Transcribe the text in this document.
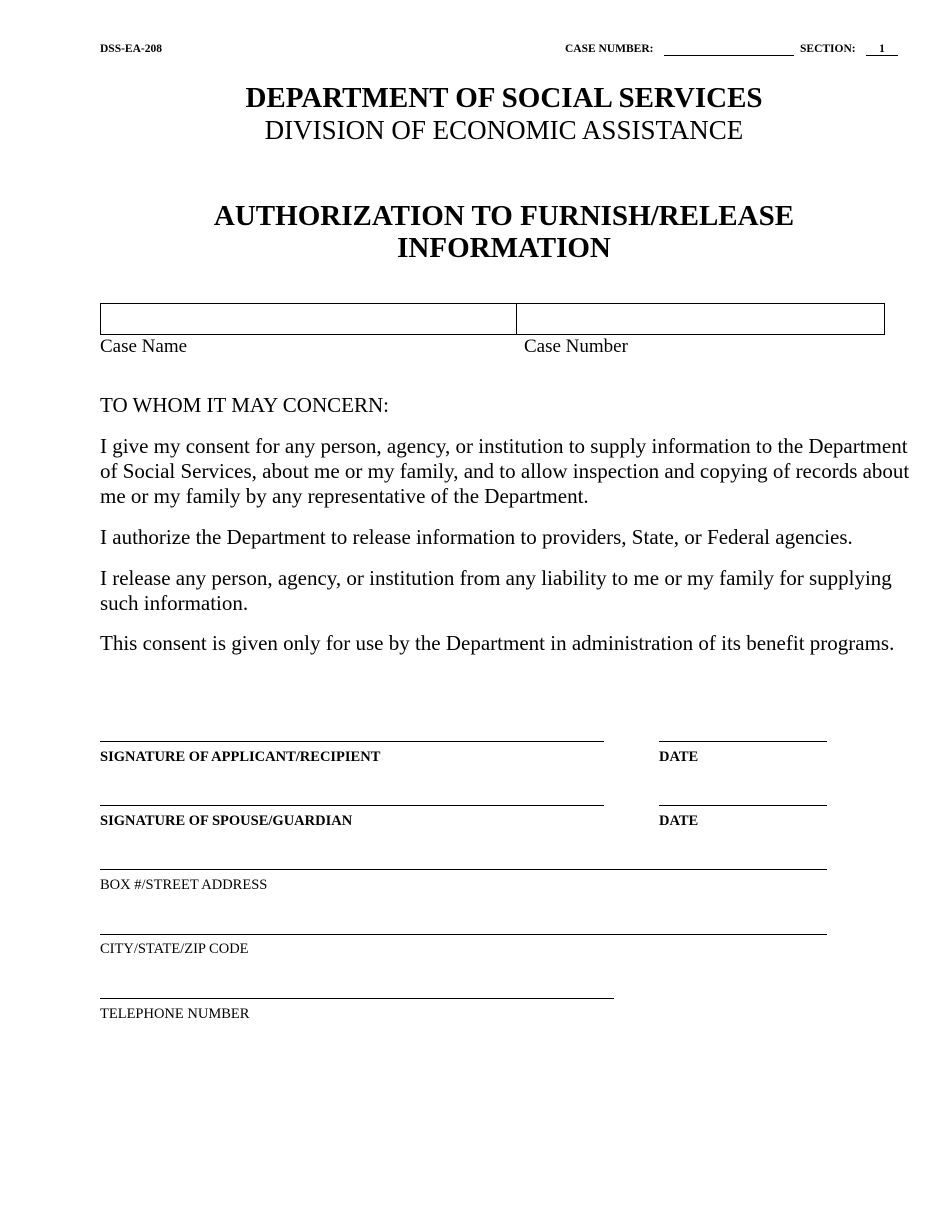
DSS-EA-208	CASE NUMBER:	SECTION:	1
DEPARTMENT OF SOCIAL SERVICES
DIVISION OF ECONOMIC ASSISTANCE
AUTHORIZATION TO FURNISH/RELEASE
INFORMATION
Case Name	Case Number
TO WHOM IT MAY CONCERN:
I give my consent for any person, agency, or institution to supply information to the Department of Social Services, about me or my family, and to allow inspection and copying of records about me or my family by any representative of the Department.
I authorize the Department to release information to providers, State, or Federal agencies.
I release any person, agency, or institution from any liability to me or my family for supplying such information.
This consent is given only for use by the Department in administration of its benefit programs.
SIGNATURE OF APPLICANT/RECIPIENT	DATE
SIGNATURE OF SPOUSE/GUARDIAN	DATE
BOX #/STREET ADDRESS
CITY/STATE/ZIP CODE
TELEPHONE NUMBER
